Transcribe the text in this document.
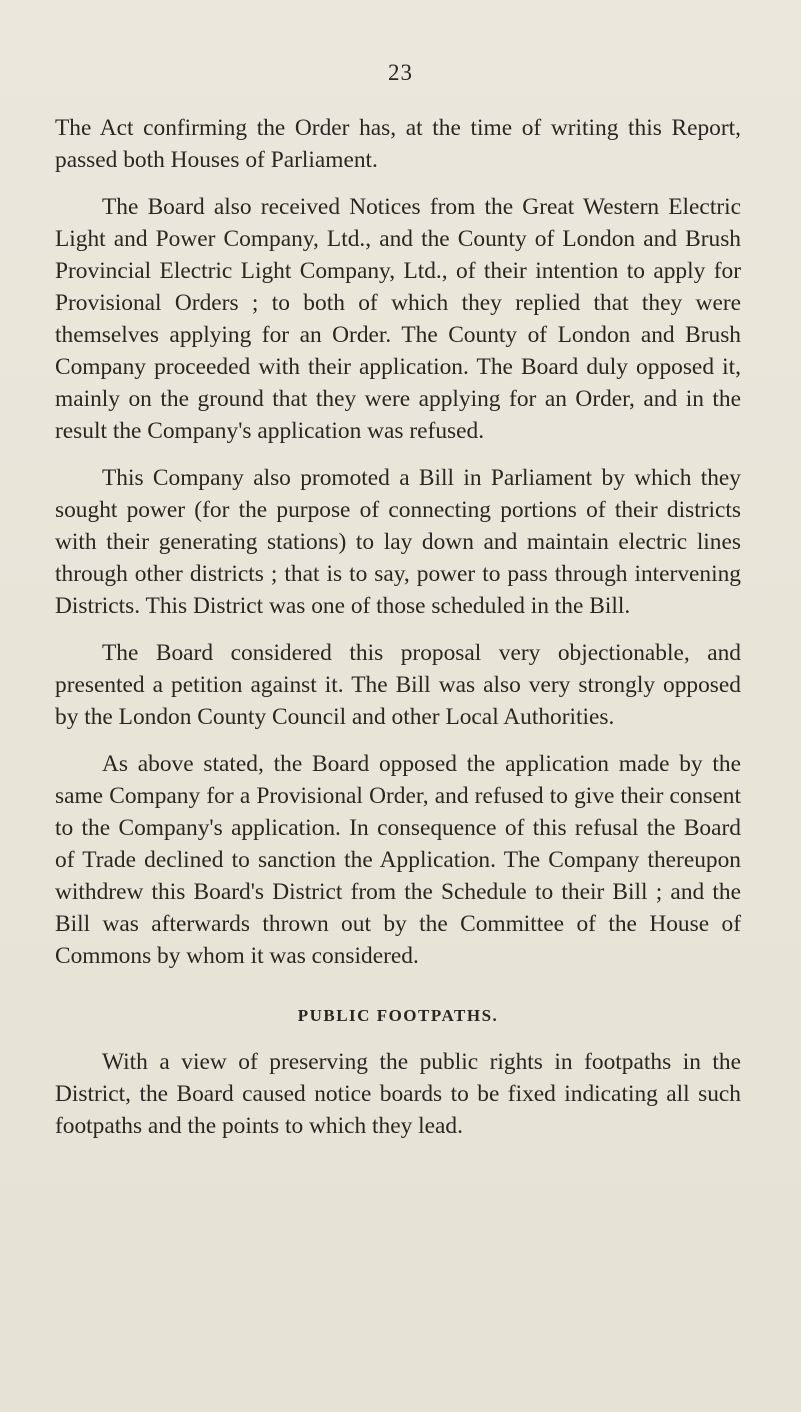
23

The Act confirming the Order has, at the time of writing this Report, passed both Houses of Parliament.

The Board also received Notices from the Great Western Electric Light and Power Company, Ltd., and the County of London and Brush Provincial Electric Light Company, Ltd., of their intention to apply for Provisional Orders ; to both of which they replied that they were themselves applying for an Order. The County of London and Brush Company proceeded with their application. The Board duly opposed it, mainly on the ground that they were applying for an Order, and in the result the Company's application was refused.

This Company also promoted a Bill in Parliament by which they sought power (for the purpose of connecting portions of their districts with their generating stations) to lay down and maintain electric lines through other districts ; that is to say, power to pass through intervening Districts. This District was one of those scheduled in the Bill.

The Board considered this proposal very objectionable, and presented a petition against it. The Bill was also very strongly opposed by the London County Council and other Local Authorities.

As above stated, the Board opposed the application made by the same Company for a Provisional Order, and refused to give their consent to the Company's application. In consequence of this refusal the Board of Trade declined to sanction the Application. The Company thereupon withdrew this Board's District from the Schedule to their Bill ; and the Bill was afterwards thrown out by the Committee of the House of Commons by whom it was considered.

PUBLIC FOOTPATHS.

With a view of preserving the public rights in footpaths in the District, the Board caused notice boards to be fixed indicating all such footpaths and the points to which they lead.
